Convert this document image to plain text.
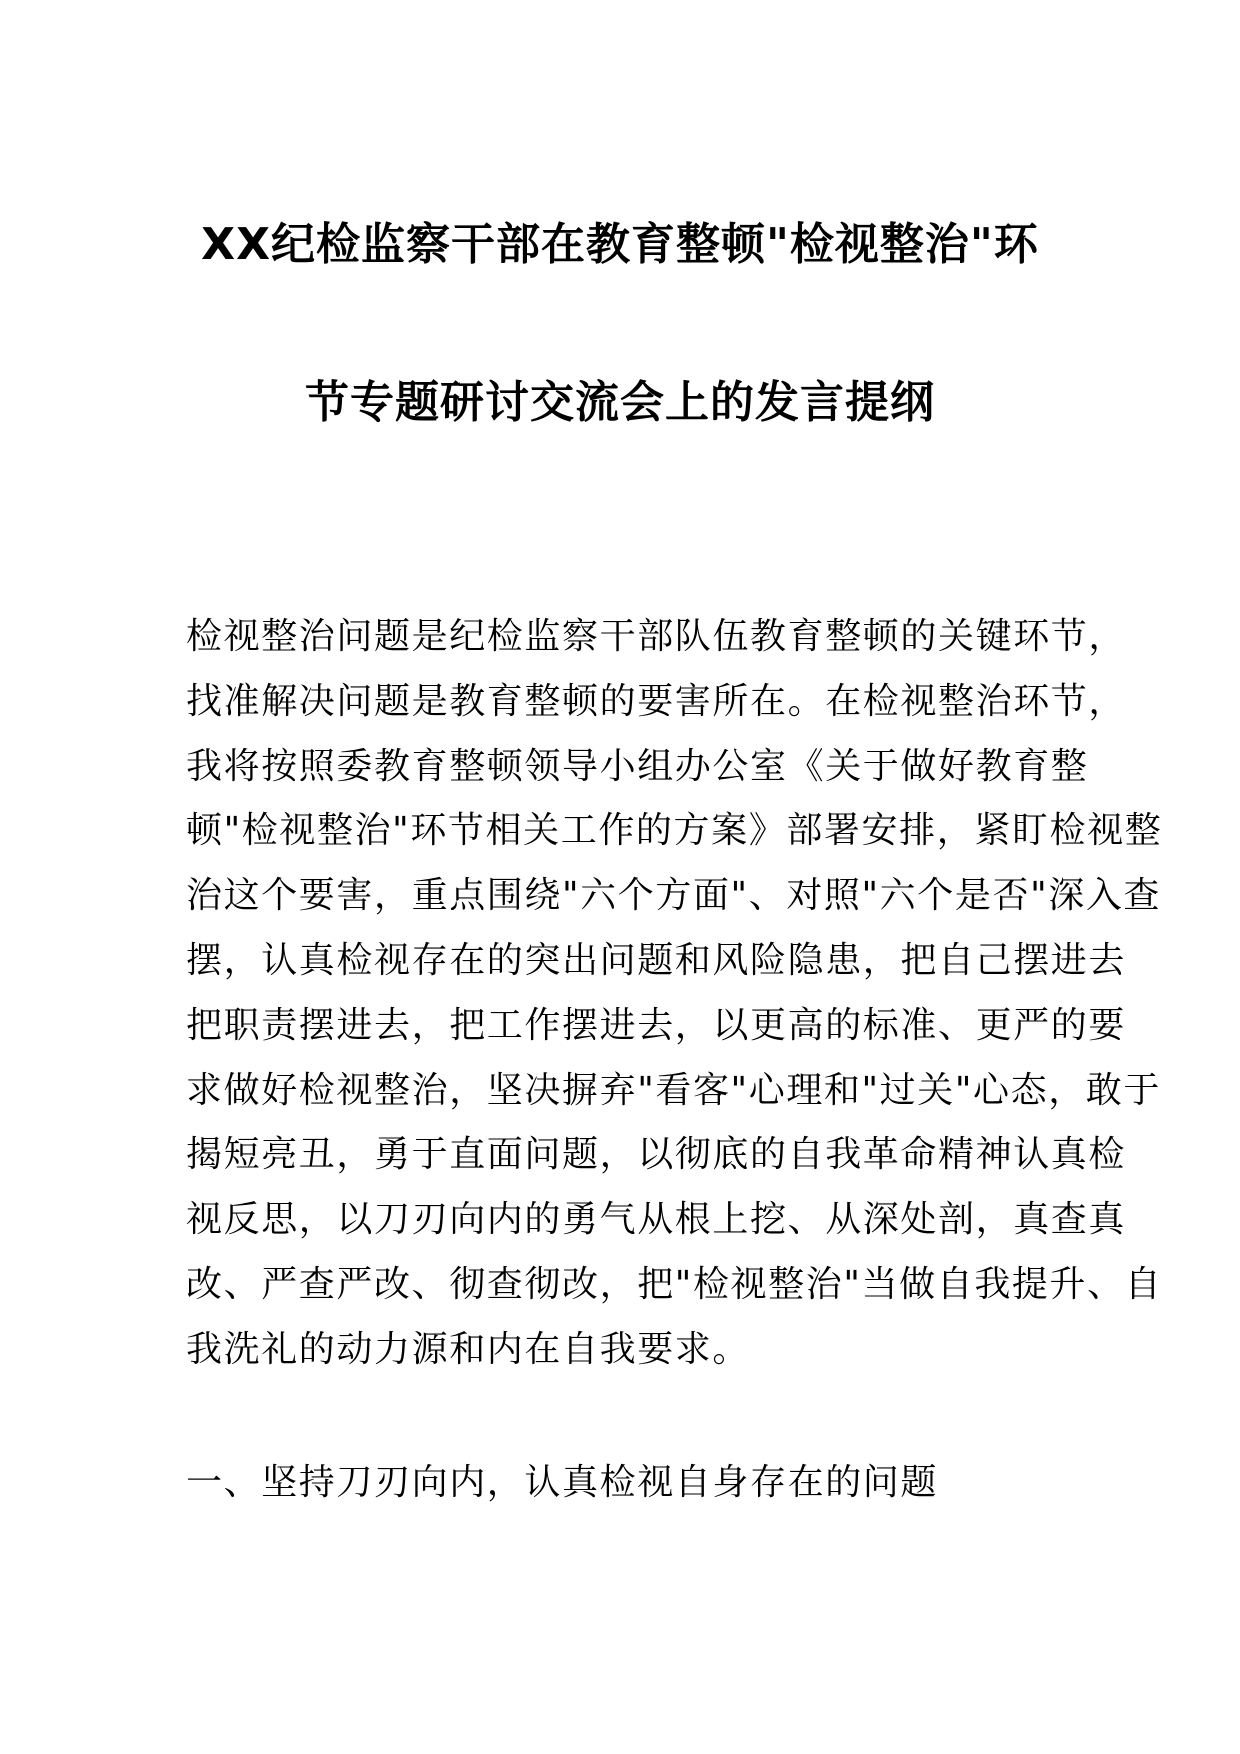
XX纪检监察干部在教育整顿"检视整治"环
节专题研讨交流会上的发言提纲
检视整治问题是纪检监察干部队伍教育整顿的关键环节，
找准解决问题是教育整顿的要害所在。在检视整治环节，
我将按照委教育整顿领导小组办公室《关于做好教育整
顿"检视整治"环节相关工作的方案》部署安排，紧盯检视整
治这个要害，重点围绕"六个方面"、对照"六个是否"深入查
摆，认真检视存在的突出问题和风险隐患，把自己摆进去
把职责摆进去，把工作摆进去，以更高的标准、更严的要
求做好检视整治，坚决摒弃"看客"心理和"过关"心态，敢于
揭短亮丑，勇于直面问题，以彻底的自我革命精神认真检
视反思，以刀刃向内的勇气从根上挖、从深处剖，真查真
改、严查严改、彻查彻改，把"检视整治"当做自我提升、自
我洗礼的动力源和内在自我要求。
一、坚持刀刃向内，认真检视自身存在的问题
